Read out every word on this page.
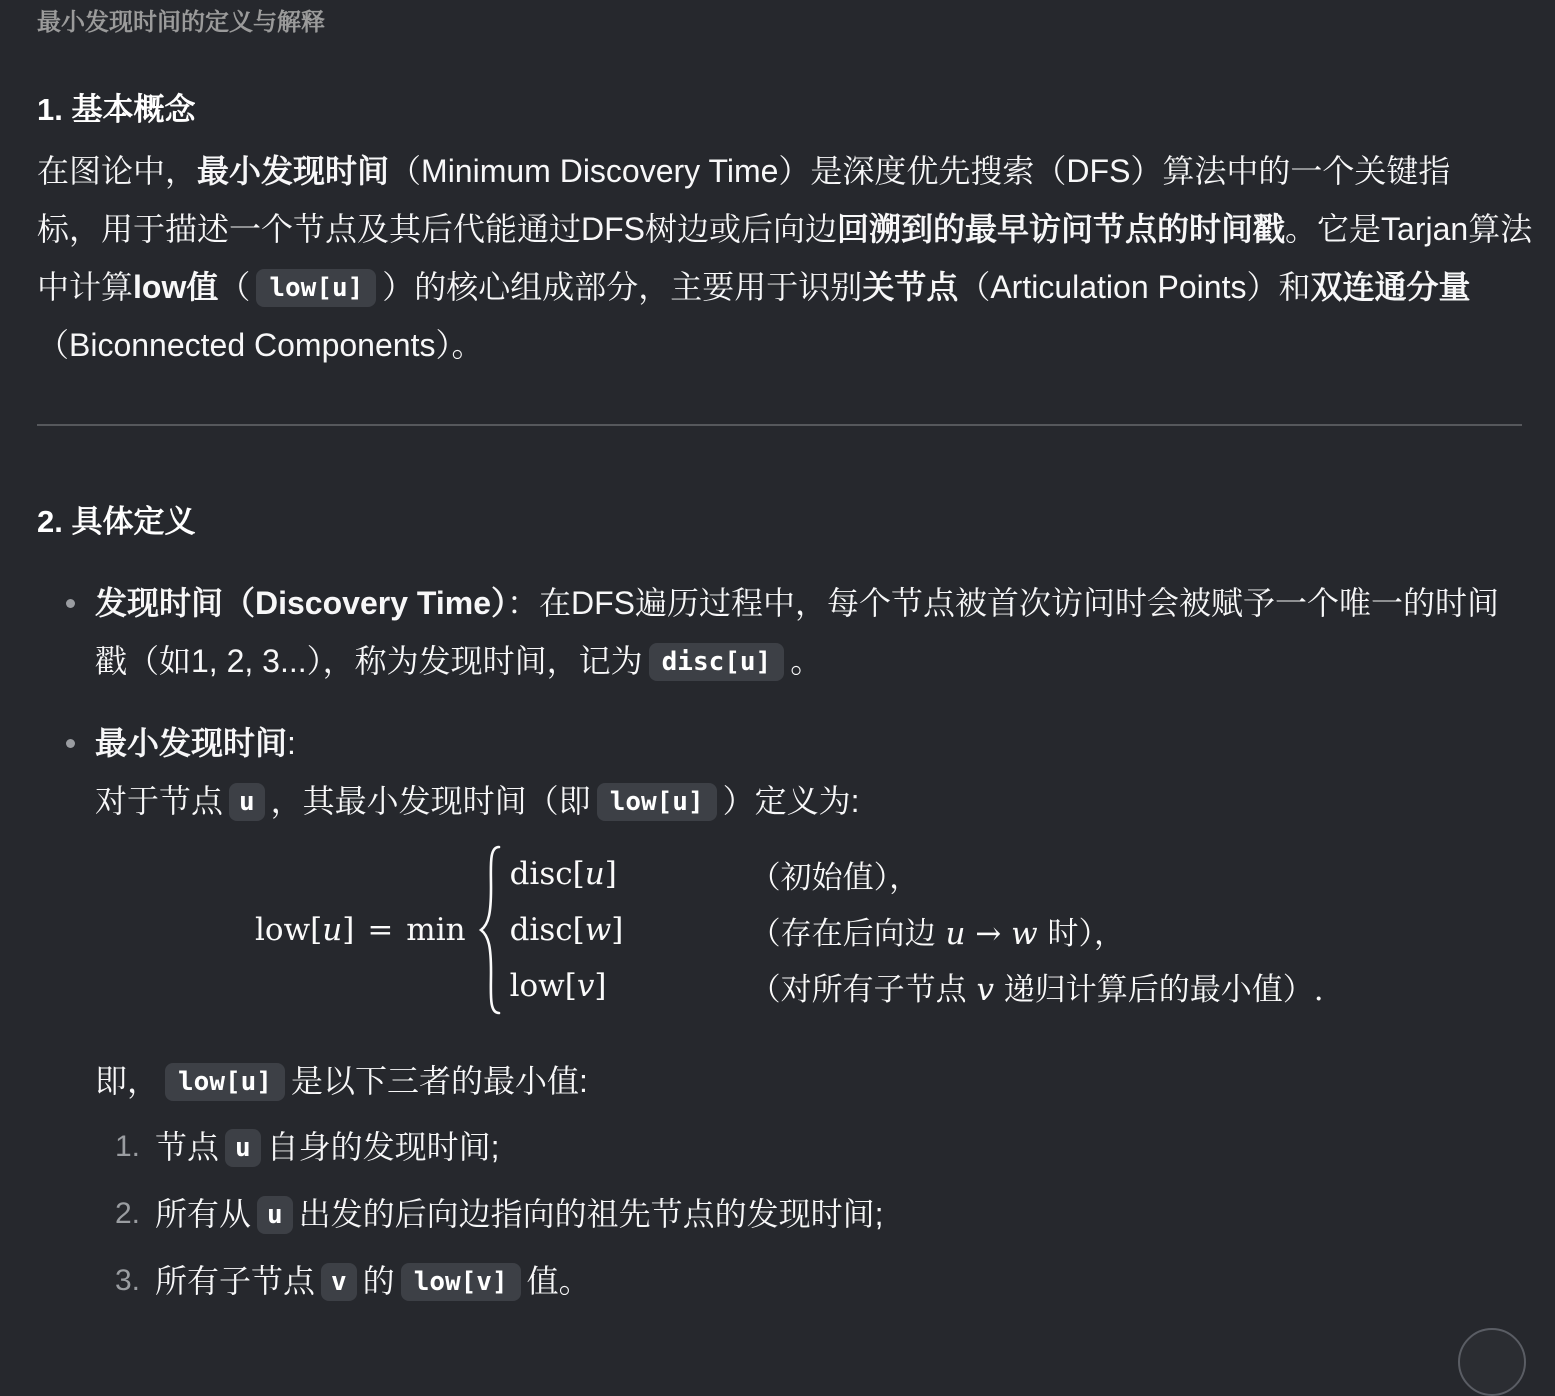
最小发现时间的定义与解释
1. 基本概念
在图论中，最小发现时间（Minimum Discovery Time）是深度优先搜索（DFS）算法中的一个关键指
标，用于描述一个节点及其后代能通过DFS树边或后向边回溯到的最早访问节点的时间戳。它是Tarjan算法
中计算low值（ low[u] ）的核心组成部分，主要用于识别关节点（Articulation Points）和双连通分量
（Biconnected Components）。
2. 具体定义
发现时间（Discovery Time）：在DFS遍历过程中，每个节点被首次访问时会被赋予一个唯一的时间
戳（如1, 2, 3...），称为发现时间，记为 disc[u] 。
最小发现时间:
对于节点 u ，其最小发现时间（即 low[u] ）定义为:
low[u] = min
disc[u]	（初始值），
disc[w]	（存在后向边 u → w 时），
low[v]	（对所有子节点 v 递归计算后的最小值）.
即， low[u] 是以下三者的最小值:
1. 节点 u 自身的发现时间;
2. 所有从 u 出发的后向边指向的祖先节点的发现时间;
3. 所有子节点 v 的 low[v] 值。
